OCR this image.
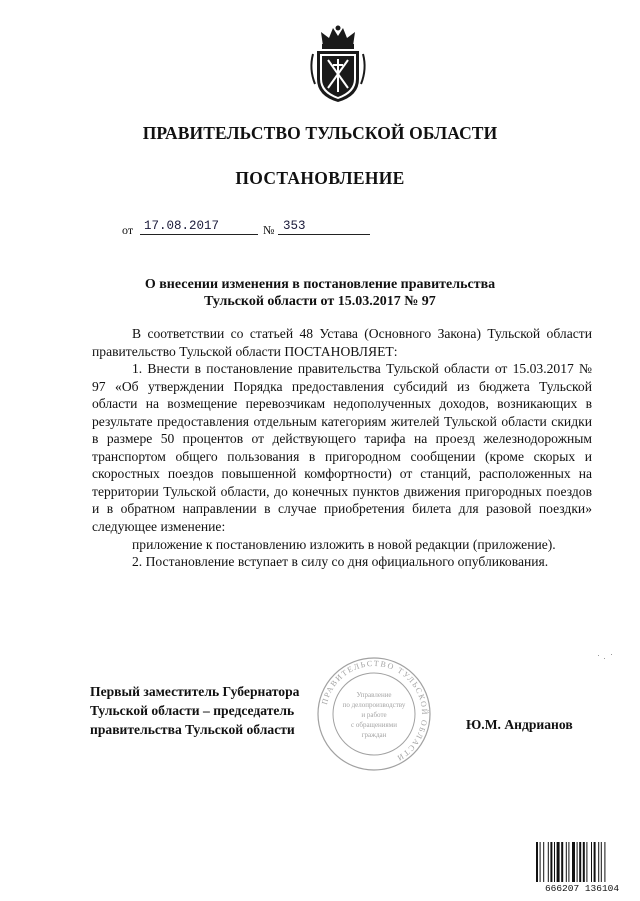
ПРАВИТЕЛЬСТВО ТУЛЬСКОЙ ОБЛАСТИ
ПОСТАНОВЛЕНИЕ
от 17.08.2017	№ 353
О внесении изменения в постановление правительства
Тульской области от 15.03.2017 № 97

В соответствии со статьей 48 Устава (Основного Закона) Тульской области правительство Тульской области ПОСТАНОВЛЯЕТ:

1. Внести в постановление правительства Тульской области от 15.03.2017 № 97 «Об утверждении Порядка предоставления субсидий из бюджета Тульской области на возмещение перевозчикам недополученных доходов, возникающих в результате предоставления отдельным категориям жителей Тульской области скидки в размере 50 процентов от действующего тарифа на проезд железнодорожным транспортом общего пользования в пригородном сообщении (кроме скорых и скоростных поездов повышенной комфортности) от станций, расположенных на территории Тульской области, до конечных пунктов движения пригородных поездов и в обратном направлении в случае приобретения билета для разовой поездки» следующее изменение:

приложение к постановлению изложить в новой редакции (приложение).

2. Постановление вступает в силу со дня официального опубликования.

ПРАВИТЕЛЬСТВО ТУЛЬСКОЙ ОБЛАСТИ
Управление
по делопроизводству
и работе
с обращениями
граждан
Первый заместитель Губернатора
Тульской области – председатель
правительства Тульской области	Ю.М. Андрианов
666207 136104
